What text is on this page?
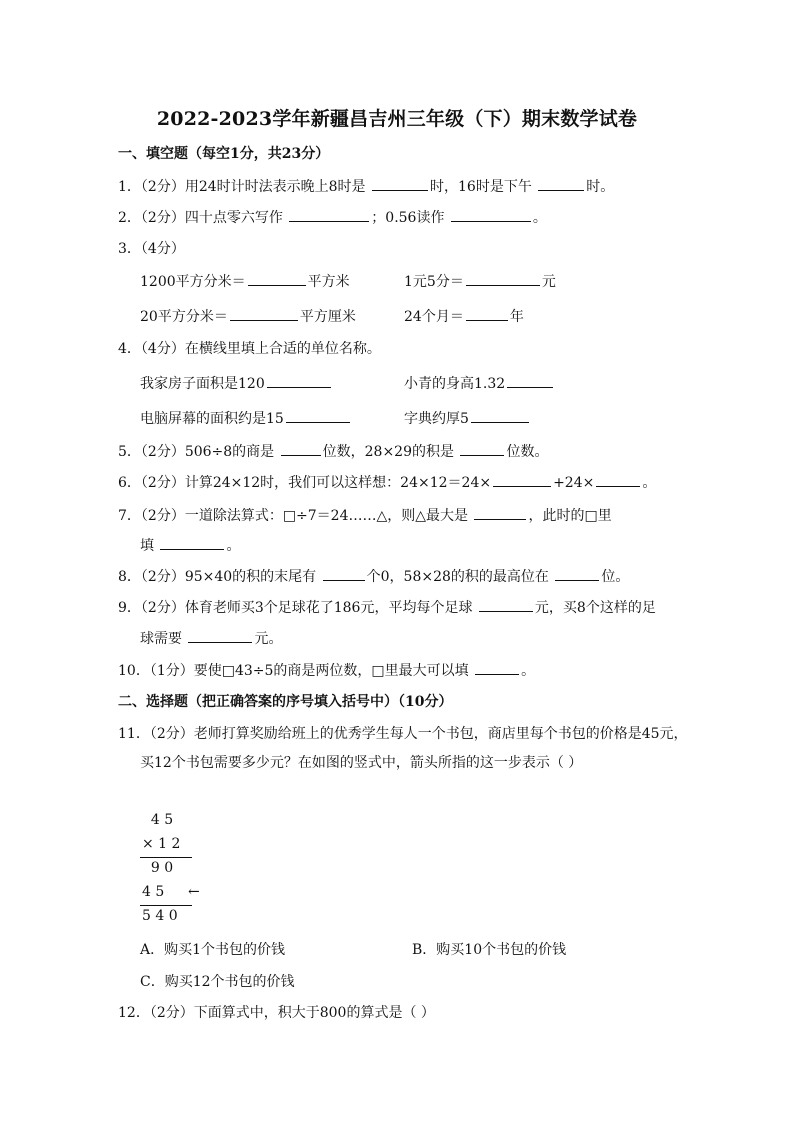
2022-2023学年新疆昌吉州三年级（下）期末数学试卷
一、填空题（每空1分，共23分）
1．（2分）用24时计时法表示晚上8时是	时，16时是下午	时。
2．（2分）四十点零六写作	；0.56读作	。
3．（4分）
1200平方分米＝	平方米	1元5分＝	元
20平方分米＝	平方厘米	24个月＝	年
4．（4分）在横线里填上合适的单位名称。
我家房子面积是120	小青的身高1.32
电脑屏幕的面积约是15	字典约厚5
5．（2分）506÷8的商是	位数，28×29的积是	位数。
6．（2分）计算24×12时，我们可以这样想：24×12＝24×	+24×	。
7．（2分）一道除法算式：□÷7＝24……△，则△最大是	，此时的□里
填	。
8．（2分）95×40的积的末尾有	个0，58×28的积的最高位在	位。
9．（2分）体育老师买3个足球花了186元，平均每个足球	元，买8个这样的足
球需要	元。
10．（1分）要使□43÷5的商是两位数，□里最大可以填	。
二、选择题（把正确答案的序号填入括号中）（10分）
11．（2分）老师打算奖励给班上的优秀学生每人一个书包，商店里每个书包的价格是45元，
买12个书包需要多少元？在如图的竖式中，箭头所指的这一步表示（ ）
4 5
× 1 2
9 0
4 5 ←
5 4 0
A．购买1个书包的价钱	B．购买10个书包的价钱
C．购买12个书包的价钱
12．（2分）下面算式中，积大于800的算式是（ ）
